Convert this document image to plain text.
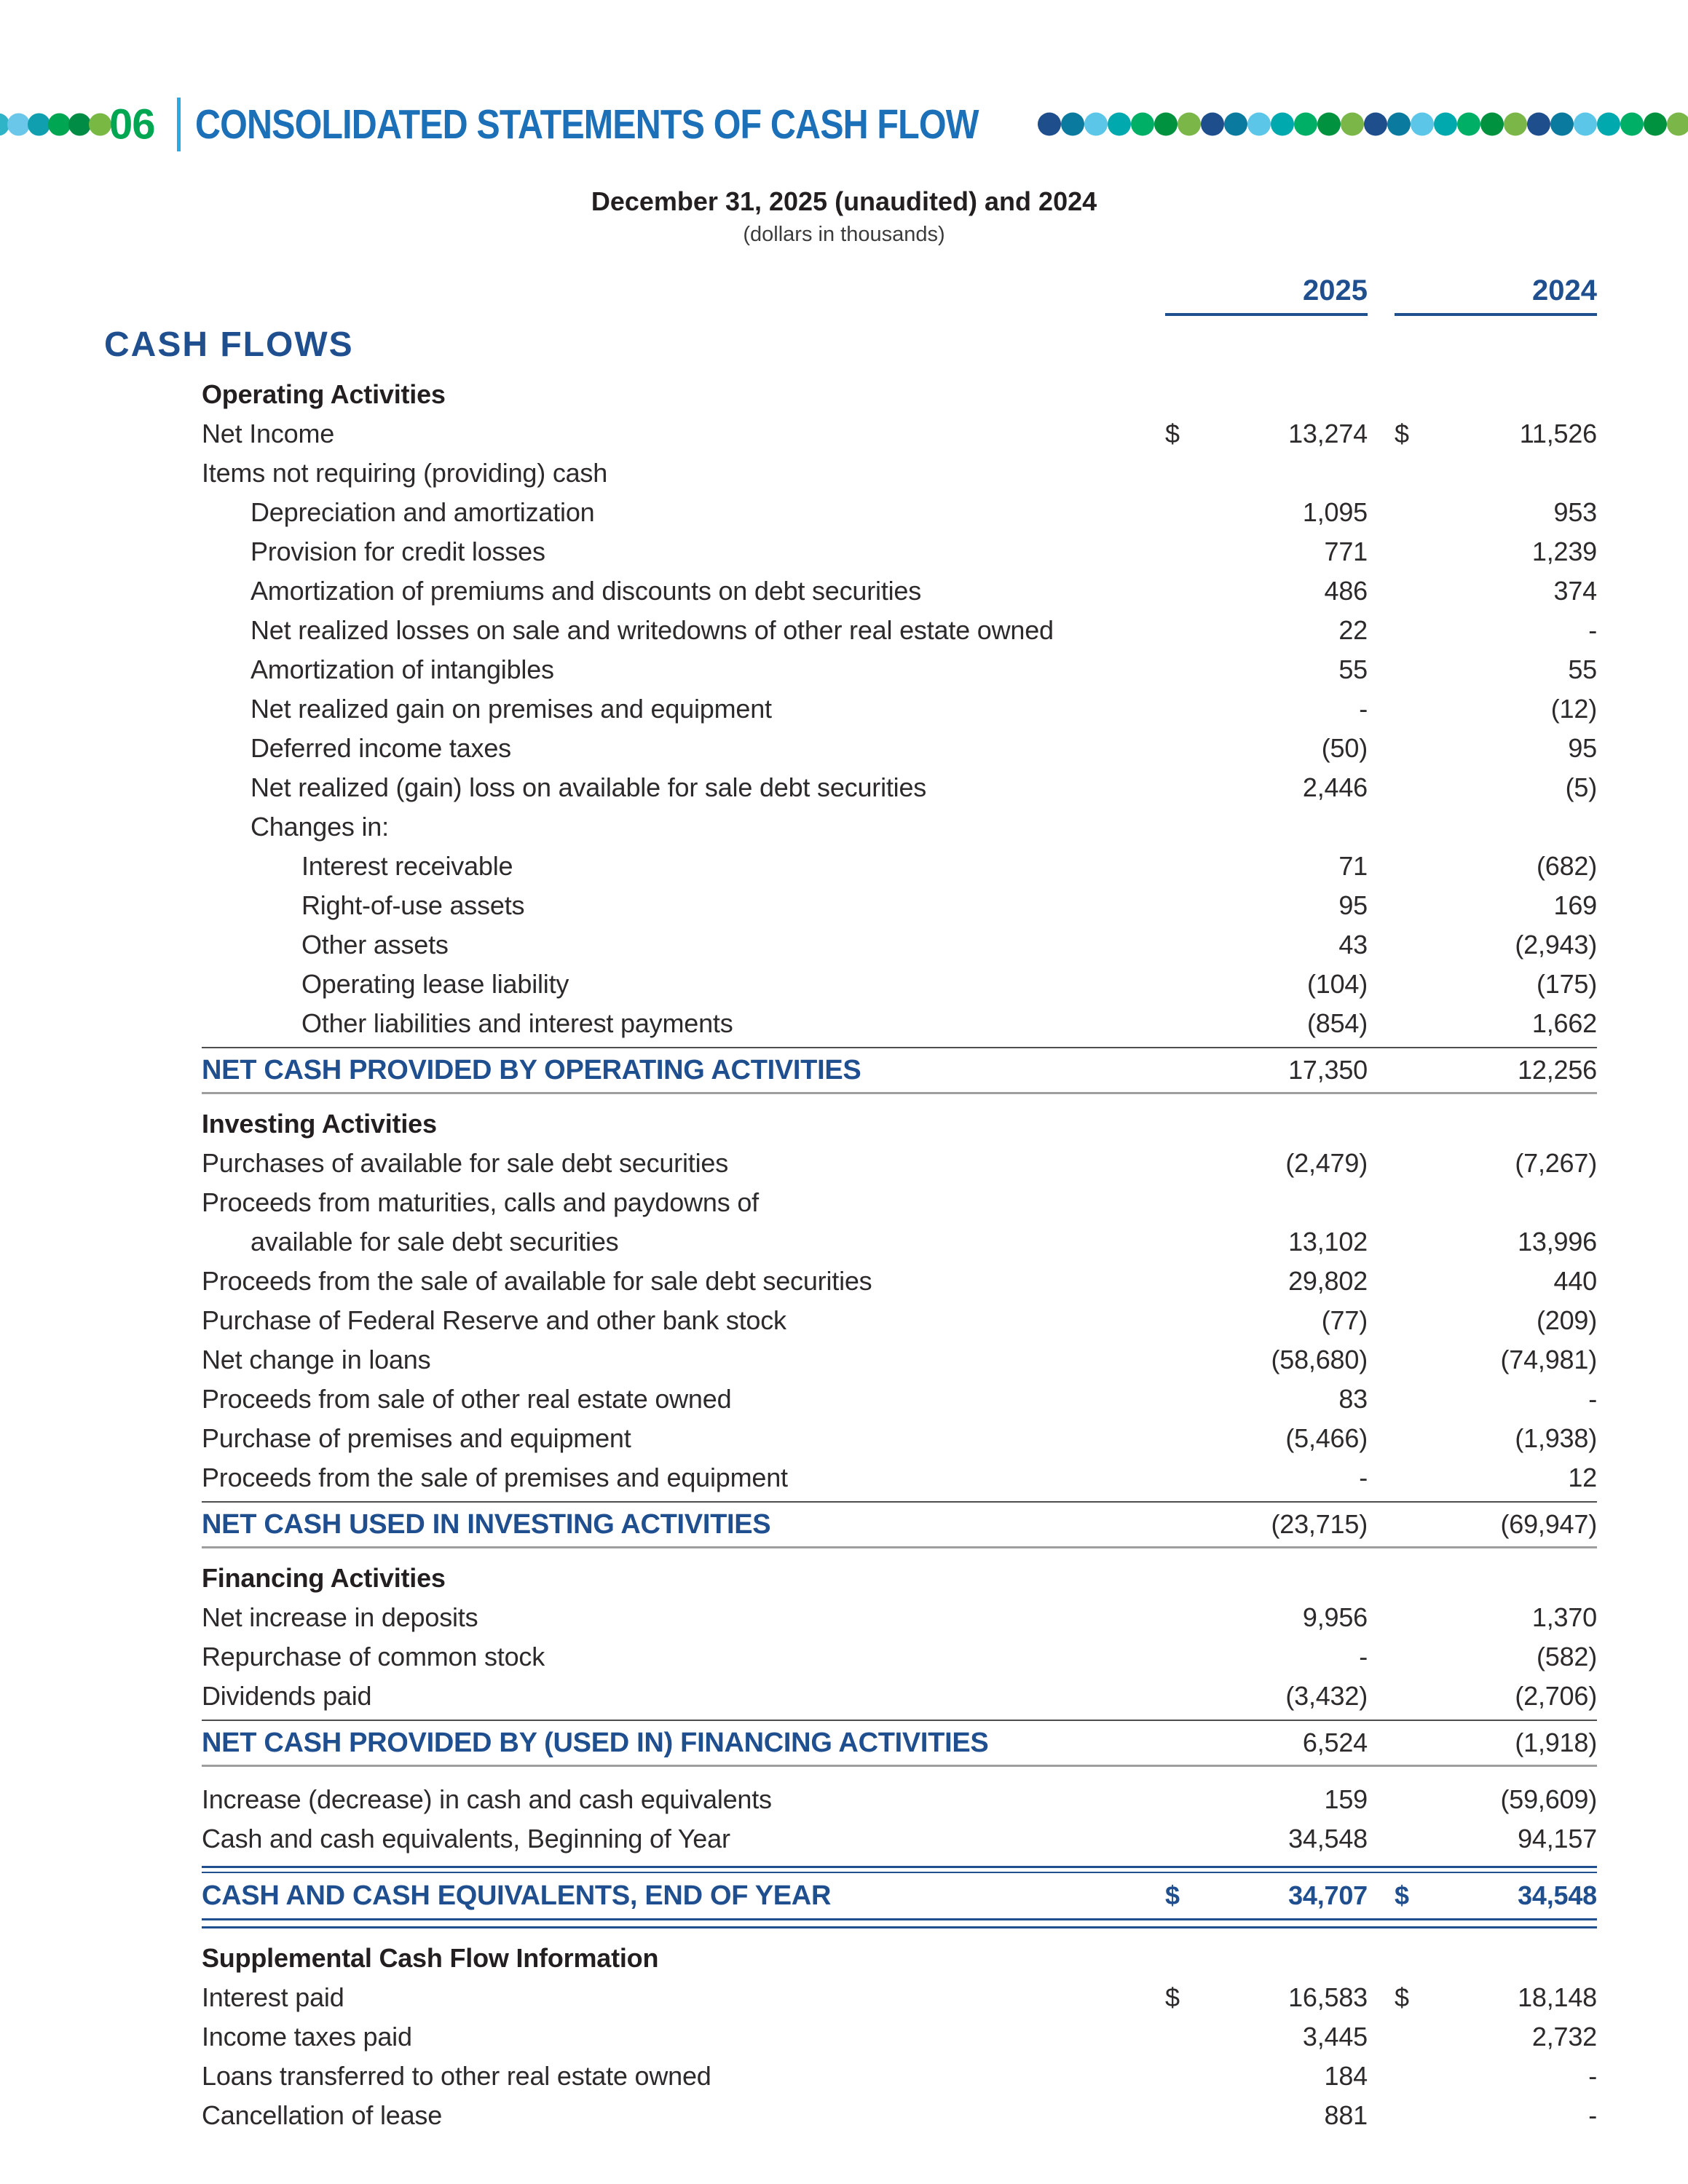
06 CONSOLIDATED STATEMENTS OF CASH FLOW
December 31, 2025 (unaudited) and 2024
(dollars in thousands)
2025	2024
CASH FLOWS
Operating Activities
Net Income	$	13,274 $	11,526
Items not requiring (providing) cash
Depreciation and amortization	1,095	953
Provision for credit losses	771	1,239
Amortization of premiums and discounts on debt securities	486	374
Net realized losses on sale and writedowns of other real estate owned	22	-
Amortization of intangibles	55	55
Net realized gain on premises and equipment	-	(12)
Deferred income taxes	(50)	95
Net realized (gain) loss on available for sale debt securities	2,446	(5)
Changes in:
Interest receivable	71	(682)
Right-of-use assets	95	169
Other assets	43	(2,943)
Operating lease liability	(104)	(175)
Other liabilities and interest payments	(854)	1,662
NET CASH PROVIDED BY OPERATING ACTIVITIES	17,350	12,256
Investing Activities
Purchases of available for sale debt securities	(2,479)	(7,267)
Proceeds from maturities, calls and paydowns of
available for sale debt securities	13,102	13,996
Proceeds from the sale of available for sale debt securities	29,802	440
Purchase of Federal Reserve and other bank stock	(77)	(209)
Net change in loans	(58,680)	(74,981)
Proceeds from sale of other real estate owned	83	-
Purchase of premises and equipment	(5,466)	(1,938)
Proceeds from the sale of premises and equipment	-	12
NET CASH USED IN INVESTING ACTIVITIES	(23,715)	(69,947)
Financing Activities
Net increase in deposits	9,956	1,370
Repurchase of common stock	-	(582)
Dividends paid	(3,432)	(2,706)
NET CASH PROVIDED BY (USED IN) FINANCING ACTIVITIES	6,524	(1,918)
Increase (decrease) in cash and cash equivalents	159	(59,609)
Cash and cash equivalents, Beginning of Year	34,548	94,157
CASH AND CASH EQUIVALENTS, END OF YEAR	$	34,707 $	34,548
Supplemental Cash Flow Information
Interest paid	$	16,583 $	18,148
Income taxes paid	3,445	2,732
Loans transferred to other real estate owned	184	-
Cancellation of lease	881	-
